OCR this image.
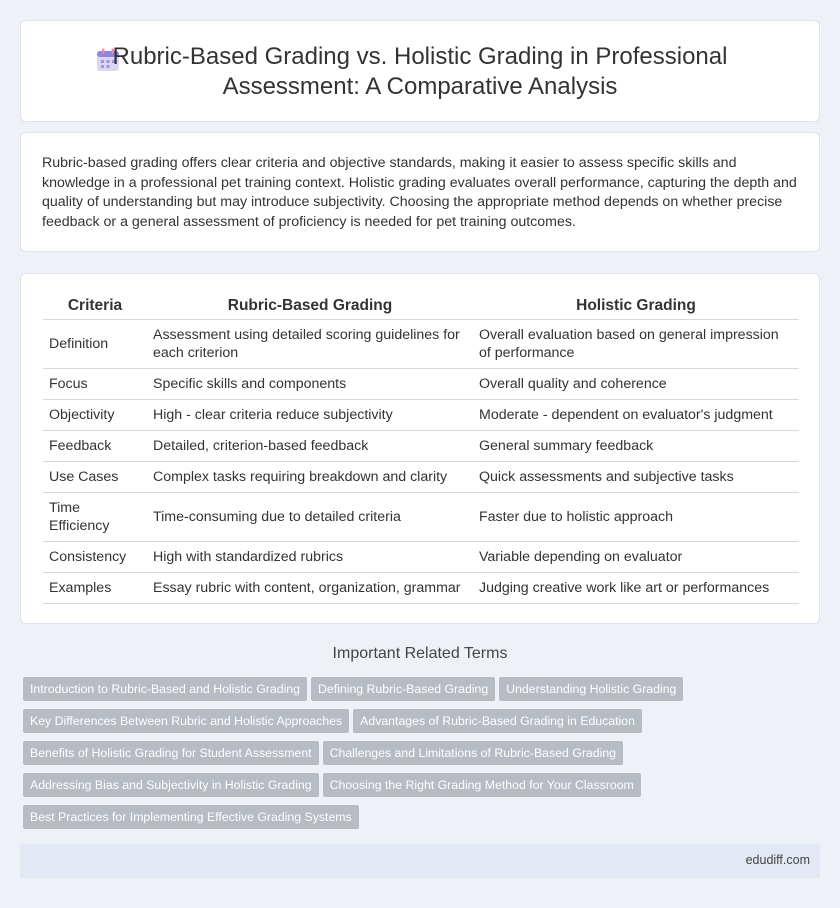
Rubric-Based Grading vs. Holistic Grading in Professional
Assessment: A Comparative Analysis

Rubric-based grading offers clear criteria and objective standards, making it easier to assess specific skills and knowledge in a professional pet training context. Holistic grading evaluates overall performance, capturing the depth and quality of understanding but may introduce subjectivity. Choosing the appropriate method depends on whether precise feedback or a general assessment of proficiency is needed for pet training outcomes.

Criteria	Rubric-Based Grading	Holistic Grading
Definition	Assessment using detailed scoring guidelines for each criterion	Overall evaluation based on general impression of performance
Focus	Specific skills and components	Overall quality and coherence
Objectivity	High - clear criteria reduce subjectivity	Moderate - dependent on evaluator's judgment
Feedback	Detailed, criterion-based feedback	General summary feedback
Use Cases	Complex tasks requiring breakdown and clarity	Quick assessments and subjective tasks
Time Efficiency	Time-consuming due to detailed criteria	Faster due to holistic approach
Consistency	High with standardized rubrics	Variable depending on evaluator
Examples	Essay rubric with content, organization, grammar	Judging creative work like art or performances
Important Related Terms
Introduction to Rubric-Based and Holistic Grading Defining Rubric-Based Grading Understanding Holistic Grading
Key Differences Between Rubric and Holistic Approaches Advantages of Rubric-Based Grading in Education
Benefits of Holistic Grading for Student Assessment Challenges and Limitations of Rubric-Based Grading
Addressing Bias and Subjectivity in Holistic Grading Choosing the Right Grading Method for Your Classroom
Best Practices for Implementing Effective Grading Systems
edudiff.com
